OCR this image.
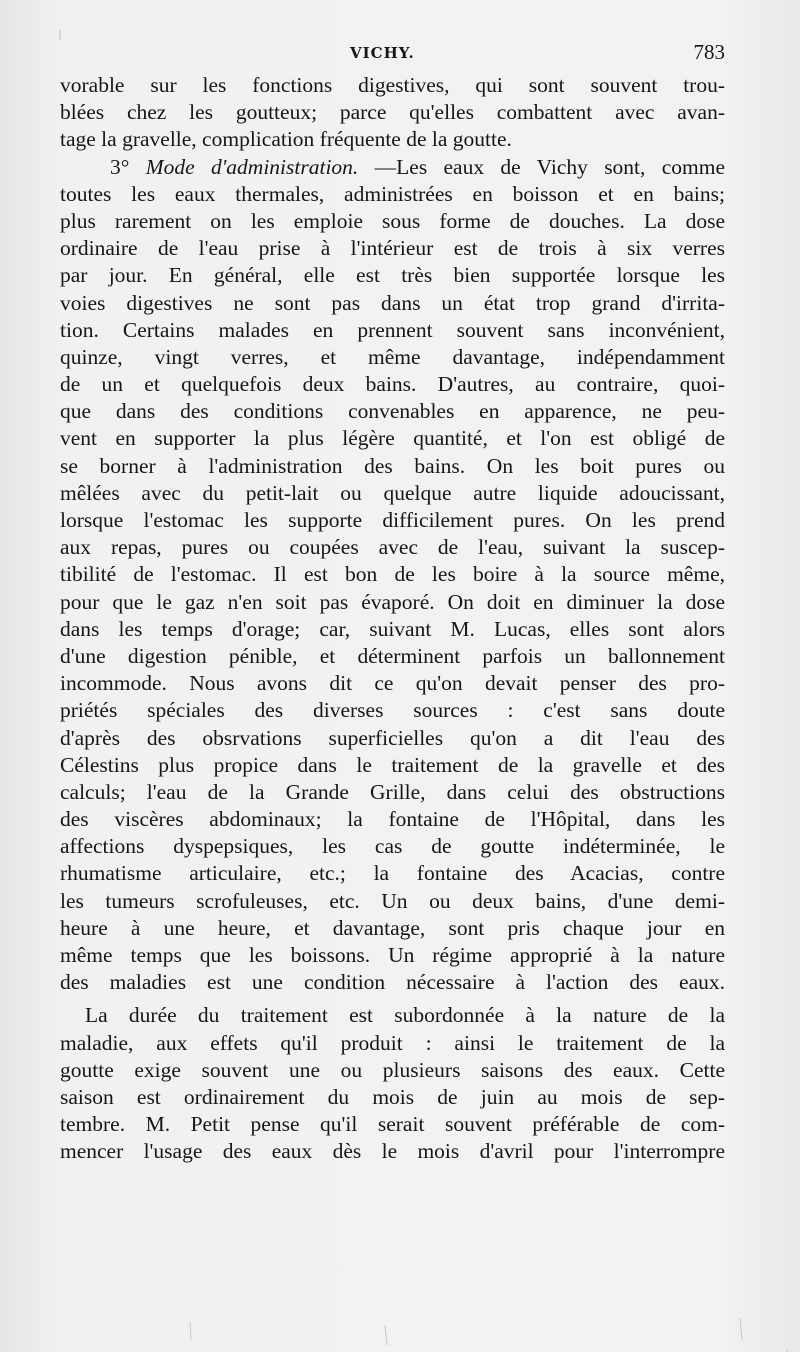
VICHY.	783
vorable sur les fonctions digestives, qui sont souvent trou-
blées chez les goutteux; parce qu'elles combattent avec avan-
tage la gravelle, complication fréquente de la goutte.
3° Mode d'administration. —Les eaux de Vichy sont, comme
toutes les eaux thermales, administrées en boisson et en bains;
plus rarement on les emploie sous forme de douches. La dose
ordinaire de l'eau prise à l'intérieur est de trois à six verres
par jour. En général, elle est très bien supportée lorsque les
voies digestives ne sont pas dans un état trop grand d'irrita-
tion. Certains malades en prennent souvent sans inconvénient,
quinze, vingt verres, et même davantage, indépendamment
de un et quelquefois deux bains. D'autres, au contraire, quoi-
que dans des conditions convenables en apparence, ne peu-
vent en supporter la plus légère quantité, et l'on est obligé de
se borner à l'administration des bains. On les boit pures ou
mêlées avec du petit-lait ou quelque autre liquide adoucissant,
lorsque l'estomac les supporte difficilement pures. On les prend
aux repas, pures ou coupées avec de l'eau, suivant la suscep-
tibilité de l'estomac. Il est bon de les boire à la source même,
pour que le gaz n'en soit pas évaporé. On doit en diminuer la dose
dans les temps d'orage; car, suivant M. Lucas, elles sont alors
d'une digestion pénible, et déterminent parfois un ballonnement
incommode. Nous avons dit ce qu'on devait penser des pro-
priétés spéciales des diverses sources : c'est sans doute
d'après des obsrvations superficielles qu'on a dit l'eau des
Célestins plus propice dans le traitement de la gravelle et des
calculs; l'eau de la Grande Grille, dans celui des obstructions
des viscères abdominaux; la fontaine de l'Hôpital, dans les
affections dyspepsiques, les cas de goutte indéterminée, le
rhumatisme articulaire, etc.; la fontaine des Acacias, contre
les tumeurs scrofuleuses, etc. Un ou deux bains, d'une demi-
heure à une heure, et davantage, sont pris chaque jour en
même temps que les boissons. Un régime approprié à la nature
des maladies est une condition nécessaire à l'action des eaux.
La durée du traitement est subordonnée à la nature de la
maladie, aux effets qu'il produit : ainsi le traitement de la
goutte exige souvent une ou plusieurs saisons des eaux. Cette
saison est ordinairement du mois de juin au mois de sep-
tembre. M. Petit pense qu'il serait souvent préférable de com-
mencer l'usage des eaux dès le mois d'avril pour l'interrompre
